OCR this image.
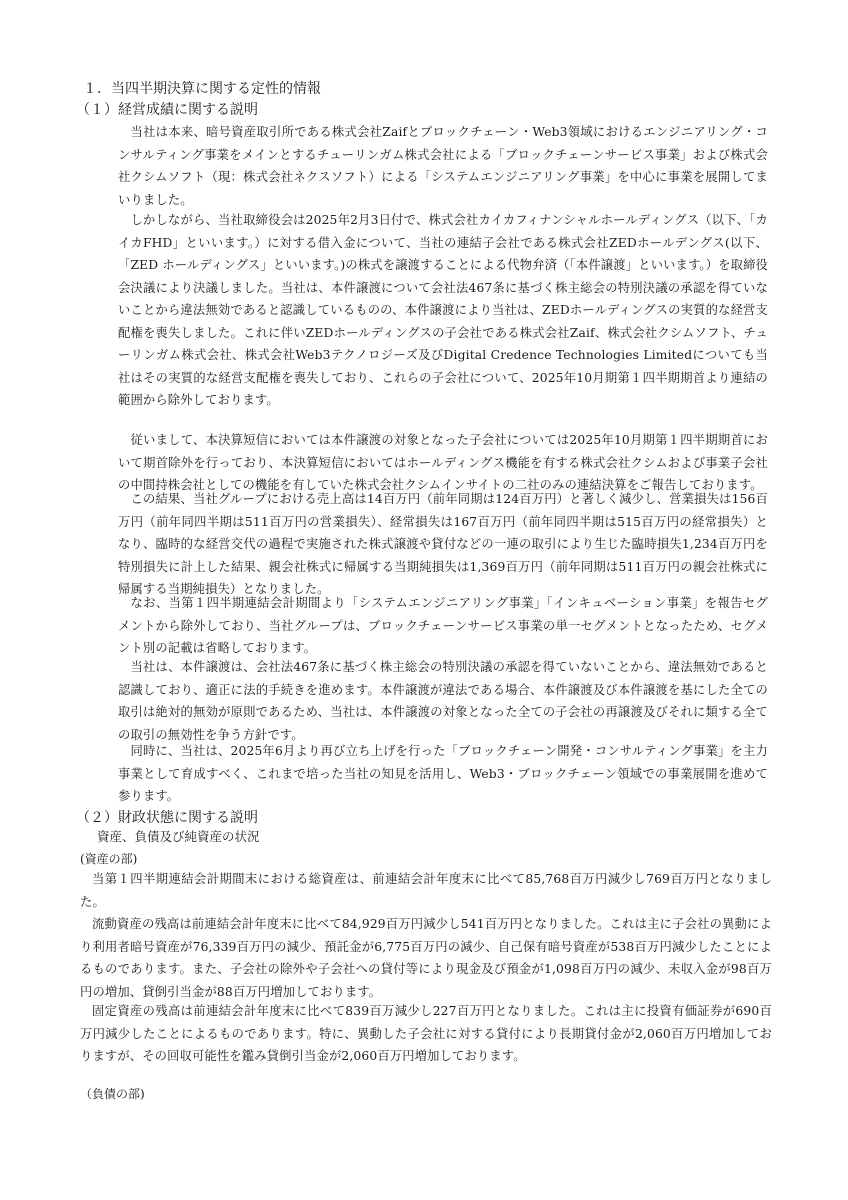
１．当四半期決算に関する定性的情報
（１）経営成績に関する説明

当社は本来、暗号資産取引所である株式会社Zaifとブロックチェーン・Web3領域におけるエンジニアリング・コンサルティング事業をメインとするチューリンガム株式会社による「ブロックチェーンサービス事業」および株式会社クシムソフト（現：株式会社ネクスソフト）による「システムエンジニアリング事業」を中心に事業を展開してまいりました。

しかしながら、当社取締役会は2025年2月3日付で、株式会社カイカフィナンシャルホールディングス（以下、「カイカFHD」といいます。）に対する借入金について、当社の連結子会社である株式会社ZEDホールデングス(以下、「ZED ホールディングス」といいます。)の株式を譲渡することによる代物弁済（「本件譲渡」といいます。）を取締役会決議により決議しました。当社は、本件譲渡について会社法467条に基づく株主総会の特別決議の承認を得ていないことから違法無効であると認識しているものの、本件譲渡により当社は、ZEDホールディングスの実質的な経営支配権を喪失しました。これに伴いZEDホールディングスの子会社である株式会社Zaif、株式会社クシムソフト、チューリンガム株式会社、株式会社Web3テクノロジーズ及びDigital Credence Technologies Limitedについても当社はその実質的な経営支配権を喪失しており、これらの子会社について、2025年10月期第１四半期期首より連結の範囲から除外しております。

従いまして、本決算短信においては本件譲渡の対象となった子会社については2025年10月期第１四半期期首において期首除外を行っており、本決算短信においてはホールディングス機能を有する株式会社クシムおよび事業子会社の中間持株会社としての機能を有していた株式会社クシムインサイトの二社のみの連結決算をご報告しております。

この結果、当社グループにおける売上高は14百万円（前年同期は124百万円）と著しく減少し、営業損失は156百万円（前年同四半期は511百万円の営業損失）、経常損失は167百万円（前年同四半期は515百万円の経常損失）となり、臨時的な経営交代の過程で実施された株式譲渡や貸付などの一連の取引により生じた臨時損失1,234百万円を特別損失に計上した結果、親会社株式に帰属する当期純損失は1,369百万円（前年同期は511百万円の親会社株式に帰属する当期純損失）となりました。

なお、当第１四半期連結会計期間より「システムエンジニアリング事業」「インキュベーション事業」を報告セグメントから除外しており、当社グループは、ブロックチェーンサービス事業の単一セグメントとなったため、セグメント別の記載は省略しております。

当社は、本件譲渡は、会社法467条に基づく株主総会の特別決議の承認を得ていないことから、違法無効であると認識しており、適正に法的手続きを進めます。本件譲渡が違法である場合、本件譲渡及び本件譲渡を基にした全ての取引は絶対的無効が原則であるため、当社は、本件譲渡の対象となった全ての子会社の再譲渡及びそれに類する全ての取引の無効性を争う方針です。

同時に、当社は、2025年6月より再び立ち上げを行った「ブロックチェーン開発・コンサルティング事業」を主力事業として育成すべく、これまで培った当社の知見を活用し、Web3・ブロックチェーン領域での事業展開を進めて参ります。

（２）財政状態に関する説明
資産、負債及び純資産の状況
(資産の部)

当第１四半期連結会計期間末における総資産は、前連結会計年度末に比べて85,768百万円減少し769百万円となりました。

流動資産の残高は前連結会計年度末に比べて84,929百万円減少し541百万円となりました。これは主に子会社の異動により利用者暗号資産が76,339百万円の減少、預託金が6,775百万円の減少、自己保有暗号資産が538百万円減少したことによるものであります。また、子会社の除外や子会社への貸付等により現金及び預金が1,098百万円の減少、未収入金が98百万円の増加、貸倒引当金が88百万円増加しております。

固定資産の残高は前連結会計年度末に比べて839百万減少し227百万円となりました。これは主に投資有価証券が690百万円減少したことによるものであります。特に、異動した子会社に対する貸付により長期貸付金が2,060百万円増加しておりますが、その回収可能性を鑑み貸倒引当金が2,060百万円増加しております。

（負債の部)
